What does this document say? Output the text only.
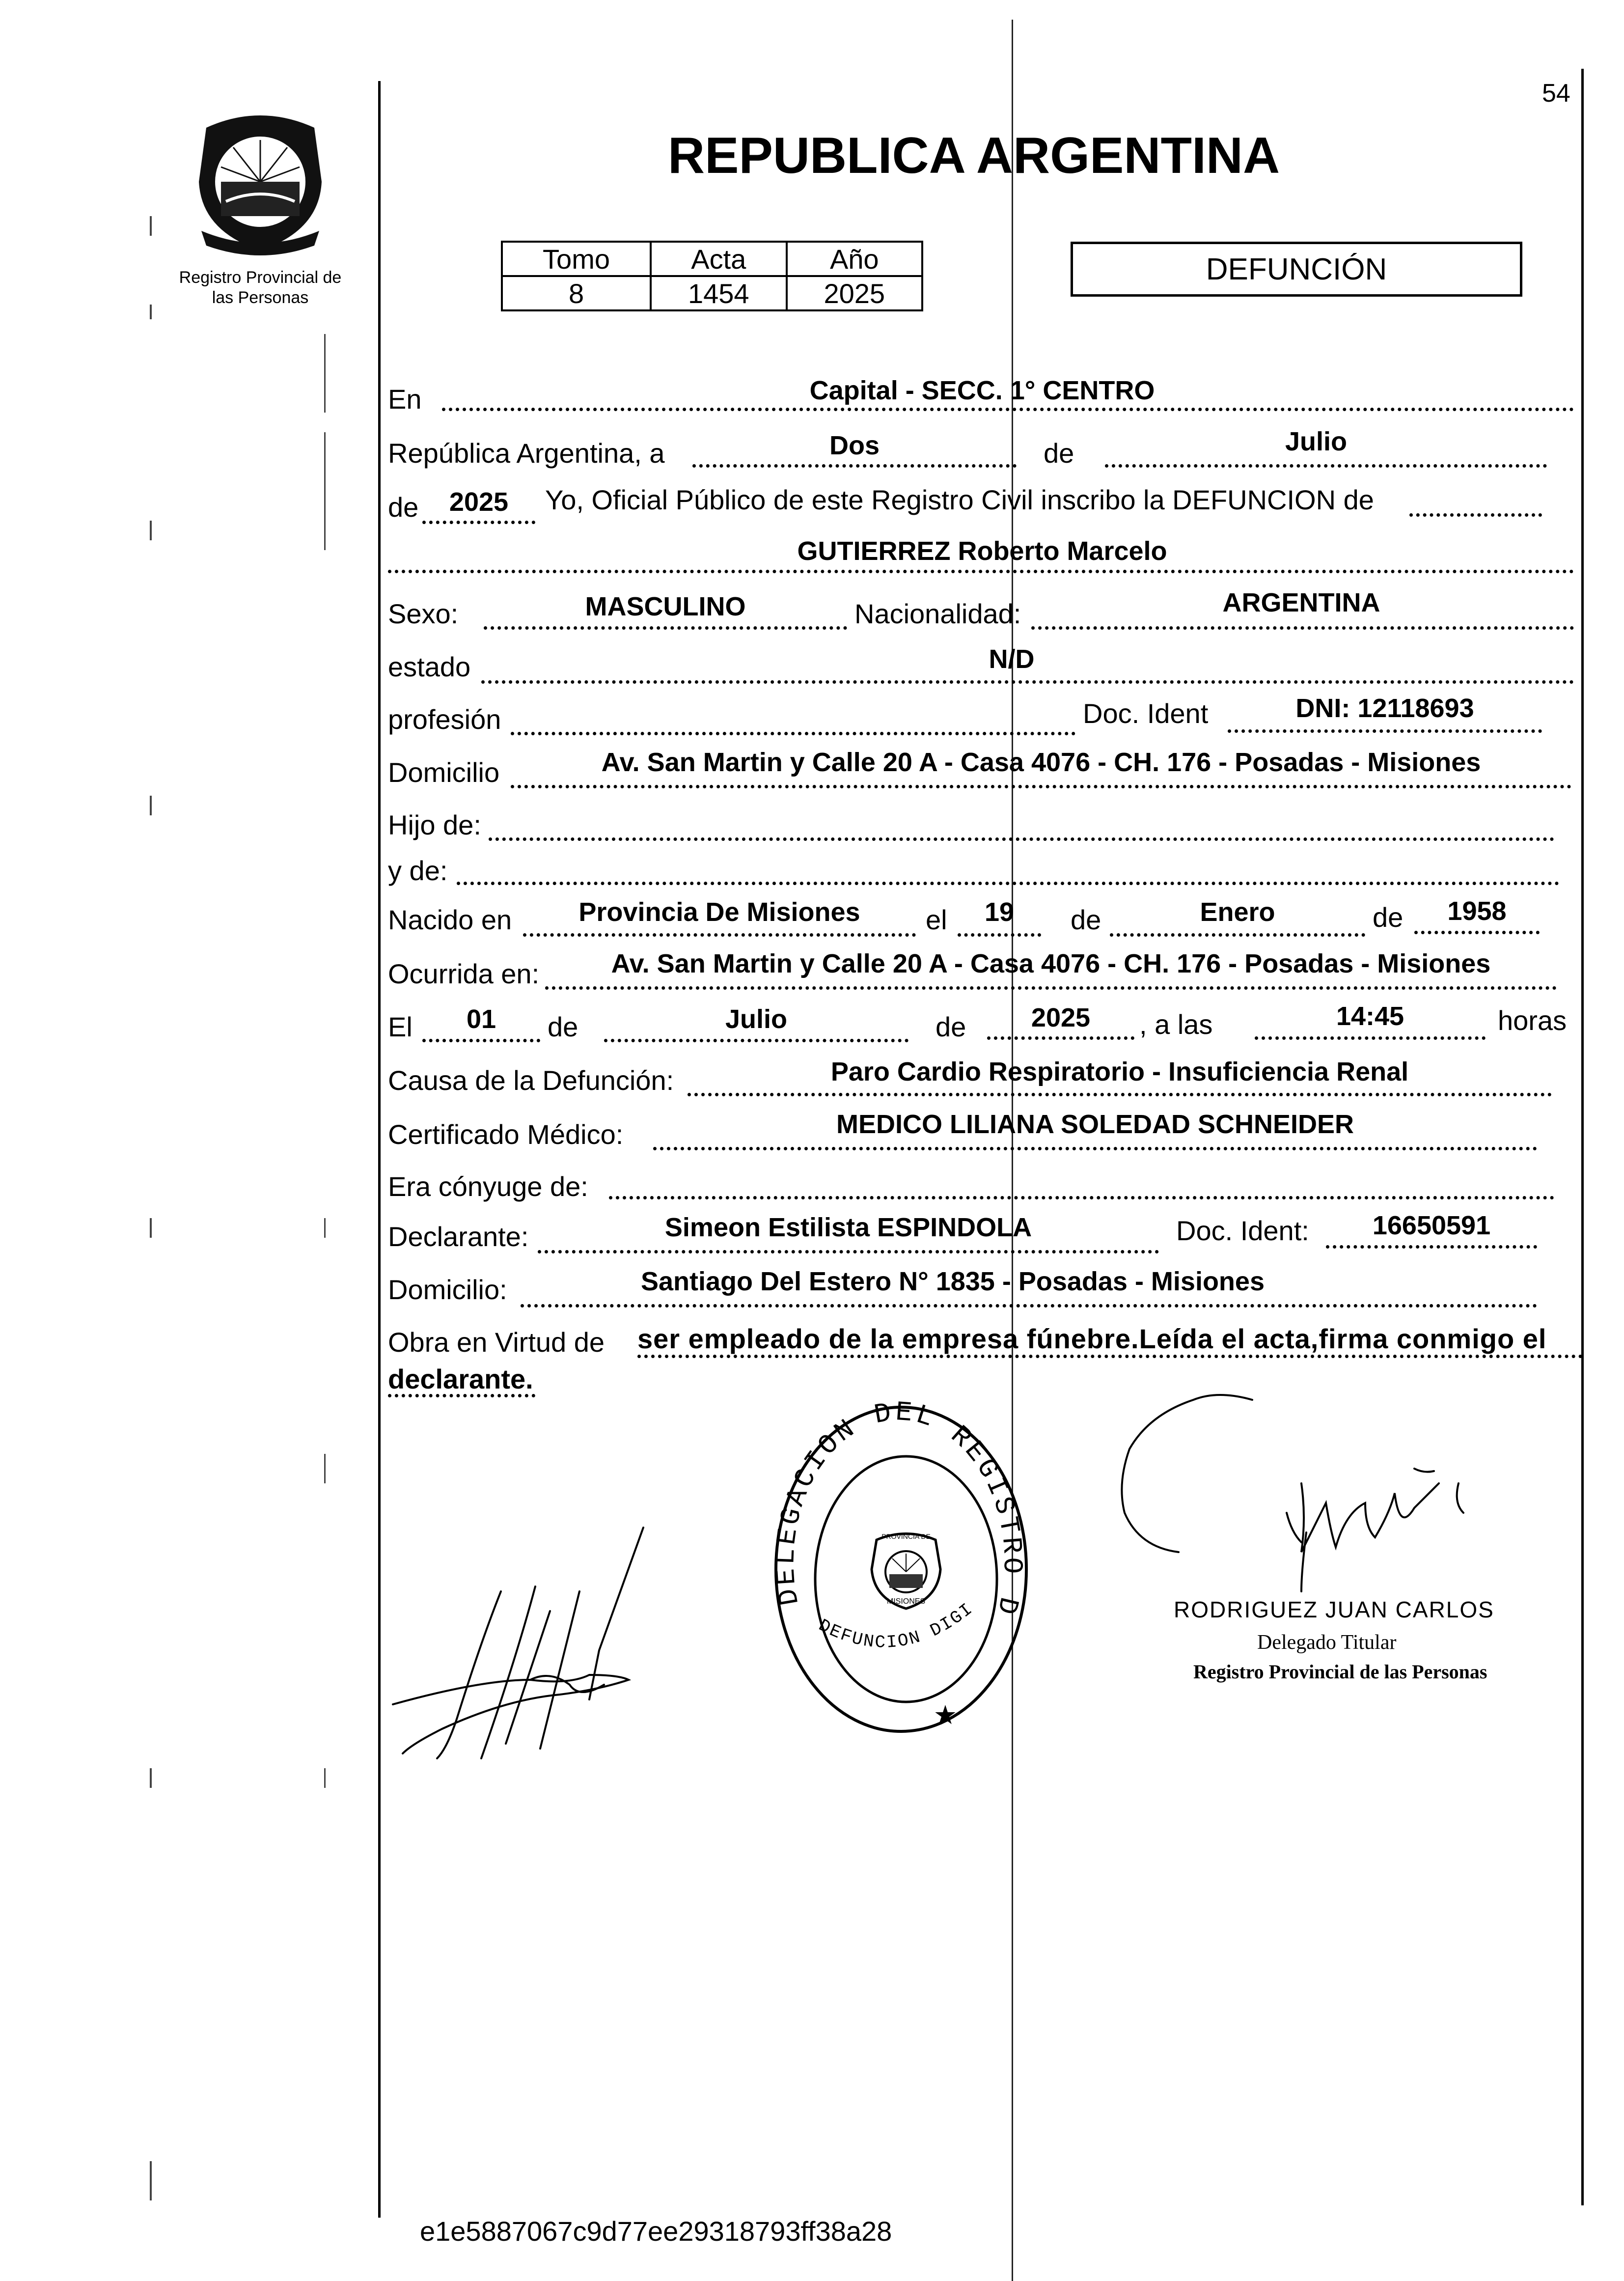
54
Registro Provincial de
las Personas
REPUBLICA ARGENTINA
Tomo	Acta	Año
8	1454	2025
DEFUNCIÓN
En	Capital - SECC. 1° CENTRO
República Argentina, a	Dos	de	Julio
de	2025	Yo, Oficial Público de este Registro Civil inscribo la DEFUNCION de
GUTIERREZ Roberto Marcelo
Sexo:	MASCULINO	Nacionalidad:	ARGENTINA
estado	N/D
profesión	Doc. Ident	DNI: 12118693
Domicilio	Av. San Martin y Calle 20 A - Casa 4076 - CH. 176 - Posadas - Misiones
Hijo de:
y de:
Nacido en	Provincia De Misiones	el	19	de	Enero	de	1958
Ocurrida en:	Av. San Martin y Calle 20 A - Casa 4076 - CH. 176 - Posadas - Misiones
El	01	de	Julio	de	2025	, a las	14:45	horas
Causa de la Defunción:	Paro Cardio Respiratorio - Insuficiencia Renal
Certificado Médico:	MEDICO LILIANA SOLEDAD SCHNEIDER
Era cónyuge de:
Declarante:	Simeon Estilista ESPINDOLA	Doc. Ident:	16650591
Domicilio:	Santiago Del Estero N° 1835 - Posadas - Misiones
Obra en Virtud de ser empleado de la empresa fúnebre.Leída el acta,firma conmigo el
declarante.
DELEGACION DEL REGISTRO D
DEFUNCION DIGI
PROVINCIA DE
MISIONES
★
RODRIGUEZ JUAN CARLOS
Delegado Titular
Registro Provincial de las Personas
e1e5887067c9d77ee29318793ff38a28
